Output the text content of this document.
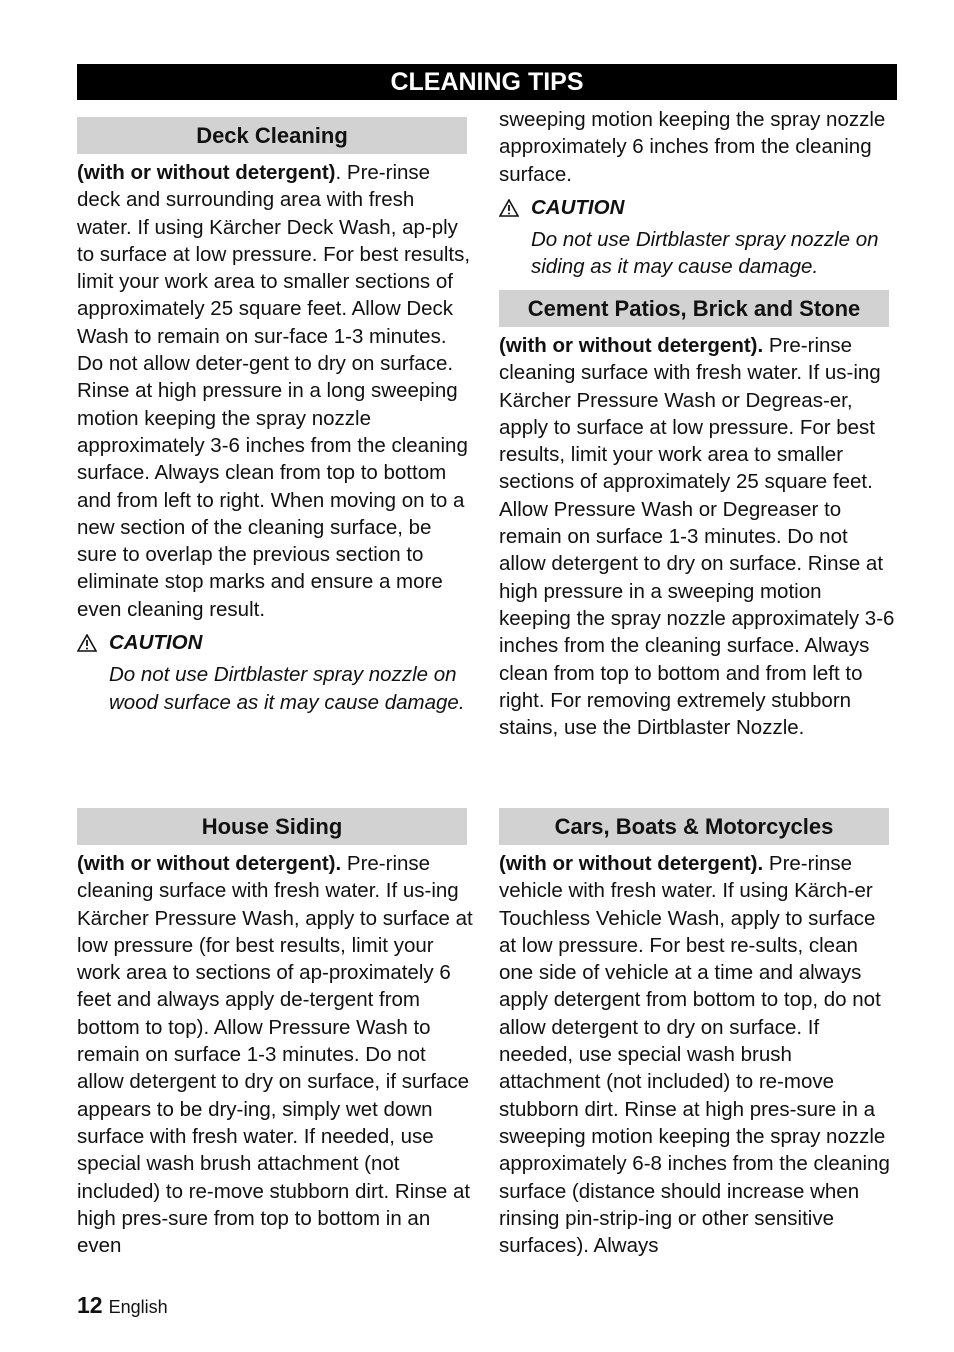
CLEANING TIPS
Deck Cleaning

(with or without detergent). Pre-rinse deck and surrounding area with fresh water. If using Kärcher Deck Wash, ap-ply to surface at low pressure. For best results, limit your work area to smaller sections of approximately 25 square feet. Allow Deck Wash to remain on sur-face 1-3 minutes. Do not allow deter-gent to dry on surface. Rinse at high pressure in a long sweeping motion keeping the spray nozzle approximately 3-6 inches from the cleaning surface. Always clean from top to bottom and from left to right. When moving on to a new section of the cleaning surface, be sure to overlap the previous section to eliminate stop marks and ensure a more even cleaning result.

CAUTION
Do not use Dirtblaster spray nozzle on wood surface as it may cause damage.
House Siding

(with or without detergent). Pre-rinse cleaning surface with fresh water. If us-ing Kärcher Pressure Wash, apply to surface at low pressure (for best results, limit your work area to sections of ap-proximately 6 feet and always apply de-tergent from bottom to top). Allow Pressure Wash to remain on surface 1-3 minutes. Do not allow detergent to dry on surface, if surface appears to be dry-ing, simply wet down surface with fresh water. If needed, use special wash brush attachment (not included) to re-move stubborn dirt. Rinse at high pres-sure from top to bottom in an even

sweeping motion keeping the spray nozzle approximately 6 inches from the cleaning surface.

CAUTION
Do not use Dirtblaster spray nozzle on siding as it may cause damage.
Cement Patios, Brick and Stone

(with or without detergent). Pre-rinse cleaning surface with fresh water. If us-ing Kärcher Pressure Wash or Degreas-er, apply to surface at low pressure. For best results, limit your work area to smaller sections of approximately 25 square feet. Allow Pressure Wash or Degreaser to remain on surface 1-3 minutes. Do not allow detergent to dry on surface. Rinse at high pressure in a sweeping motion keeping the spray nozzle approximately 3-6 inches from the cleaning surface. Always clean from top to bottom and from left to right. For removing extremely stubborn stains, use the Dirtblaster Nozzle.

Cars, Boats & Motorcycles

(with or without detergent). Pre-rinse vehicle with fresh water. If using Kärch-er Touchless Vehicle Wash, apply to surface at low pressure. For best re-sults, clean one side of vehicle at a time and always apply detergent from bottom to top, do not allow detergent to dry on surface. If needed, use special wash brush attachment (not included) to re-move stubborn dirt. Rinse at high pres-sure in a sweeping motion keeping the spray nozzle approximately 6-8 inches from the cleaning surface (distance should increase when rinsing pin-strip-ing or other sensitive surfaces). Always

12 English
